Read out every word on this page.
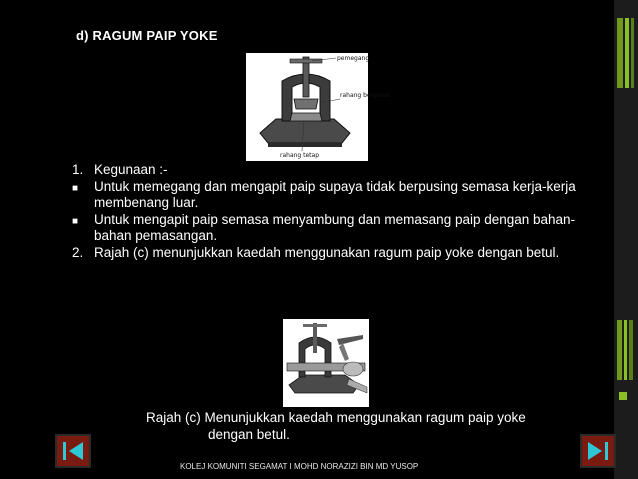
d) RAGUM PAIP YOKE
pemegang
rahang bergerak
rahang tetap
1. Kegunaan :-
■	Untuk memegang dan mengapit paip supaya tidak berpusing semasa kerja-kerja membenang luar.
■	Untuk mengapit paip semasa menyambung dan memasang paip dengan bahan-bahan pemasangan.
2. Rajah (c) menunjukkan kaedah menggunakan ragum paip yoke dengan betul.
Rajah (c) Menunjukkan kaedah menggunakan ragum paip yoke
dengan betul.
KOLEJ KOMUNITI SEGAMAT I MOHD NORAZIZI BIN MD YUSOP
